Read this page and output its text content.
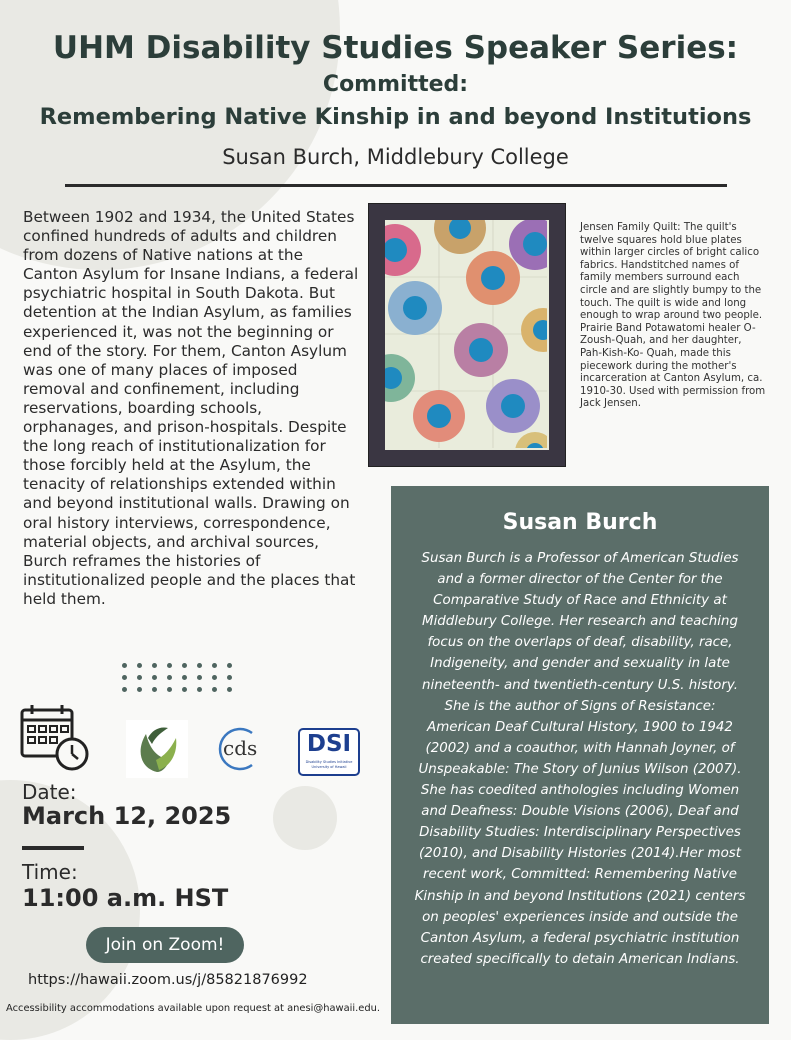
UHM Disability Studies Speaker Series:
Committed:
Remembering Native Kinship in and beyond Institutions
Susan Burch, Middlebury College
Between 1902 and 1934, the United States confined hundreds of adults and children from dozens of Native nations at the Canton Asylum for Insane Indians, a federal psychiatric hospital in South Dakota. But detention at the Indian Asylum, as families experienced it, was not the beginning or end of the story. For them, Canton Asylum was one of many places of imposed removal and confinement, including reservations, boarding schools, orphanages, and prison-hospitals. Despite the long reach of institutionalization for those forcibly held at the Asylum, the tenacity of relationships extended within and beyond institutional walls. Drawing on oral history interviews, correspondence, material objects, and archival sources, Burch reframes the histories of institutionalized people and the places that held them.
Jensen Family Quilt: The quilt's twelve squares hold blue plates within larger circles of bright calico fabrics. Handstitched names of family members surround each circle and are slightly bumpy to the touch. The quilt is wide and long enough to wrap around two people. Prairie Band Potawatomi healer O-Zoush-Quah, and her daughter, Pah-Kish-Ko- Quah, made this piecework during the mother's incarceration at Canton Asylum, ca. 1910-30. Used with permission from Jack Jensen.
Susan Burch
Susan Burch is a Professor of American Studies and a former director of the Center for the Comparative Study of Race and Ethnicity at Middlebury College. Her research and teaching focus on the overlaps of deaf, disability, race, Indigeneity, and gender and sexuality in late nineteenth- and twentieth-century U.S. history. She is the author of Signs of Resistance: American Deaf Cultural History, 1900 to 1942 (2002) and a coauthor, with Hannah Joyner, of Unspeakable: The Story of Junius Wilson (2007). She has coedited anthologies including Women and Deafness: Double Visions (2006), Deaf and Disability Studies: Interdisciplinary Perspectives (2010), and Disability Histories (2014).Her most recent work, Committed: Remembering Native Kinship in and beyond Institutions (2021) centers on peoples' experiences inside and outside the Canton Asylum, a federal psychiatric institution created specifically to detain American Indians.
cds DSI
Disability Studies Initiative
University of Hawaii
Date:
March 12, 2025
Time:
11:00 a.m. HST
Join on Zoom!
https://hawaii.zoom.us/j/85821876992
Accessibility accommodations available upon request at anesi@hawaii.edu.
